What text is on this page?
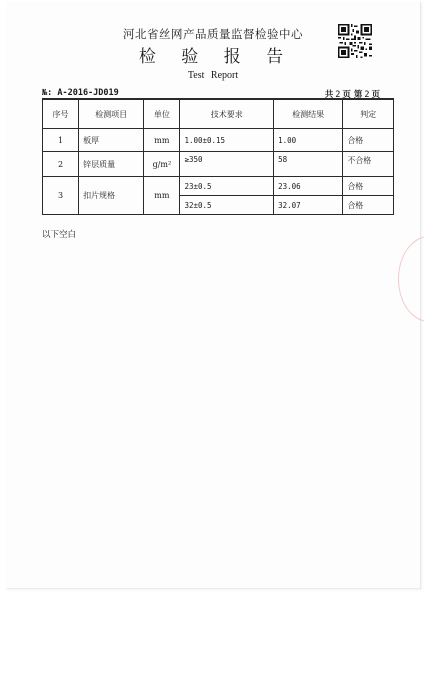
河北省丝网产品质量监督检验中心
检 验 报 告
Test Report
№: A-2016-JD019	共 2 页 第 2 页
序号	检测项目	单位	技术要求	检测结果	判定
1	板厚	mm	1.00±0.15	1.00	合格
2	锌层质量	g/m²	≥350	58	不合格
3	扣片规格	mm	23±0.5	23.06	合格
			32±0.5	32.07	合格
以下空白
